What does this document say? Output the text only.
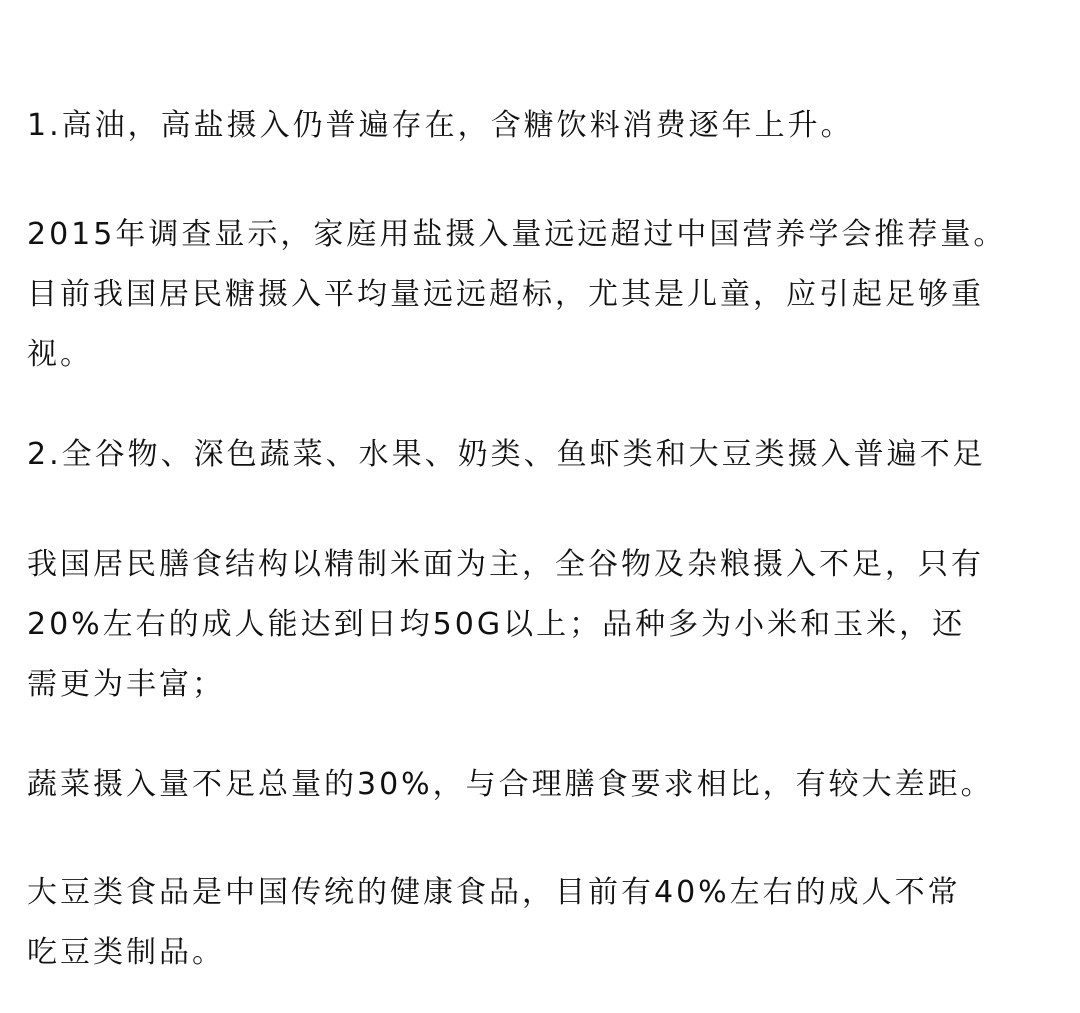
1.高油，高盐摄入仍普遍存在，含糖饮料消费逐年上升。

2015年调查显示，家庭用盐摄入量远远超过中国营养学会推荐量。
目前我国居民糖摄入平均量远远超标，尤其是儿童，应引起足够重
视。

2.全谷物、深色蔬菜、水果、奶类、鱼虾类和大豆类摄入普遍不足

我国居民膳食结构以精制米面为主，全谷物及杂粮摄入不足，只有
20%左右的成人能达到日均50G以上；品种多为小米和玉米，还
需更为丰富；

蔬菜摄入量不足总量的30%，与合理膳食要求相比，有较大差距。

大豆类食品是中国传统的健康食品，目前有40%左右的成人不常
吃豆类制品。
